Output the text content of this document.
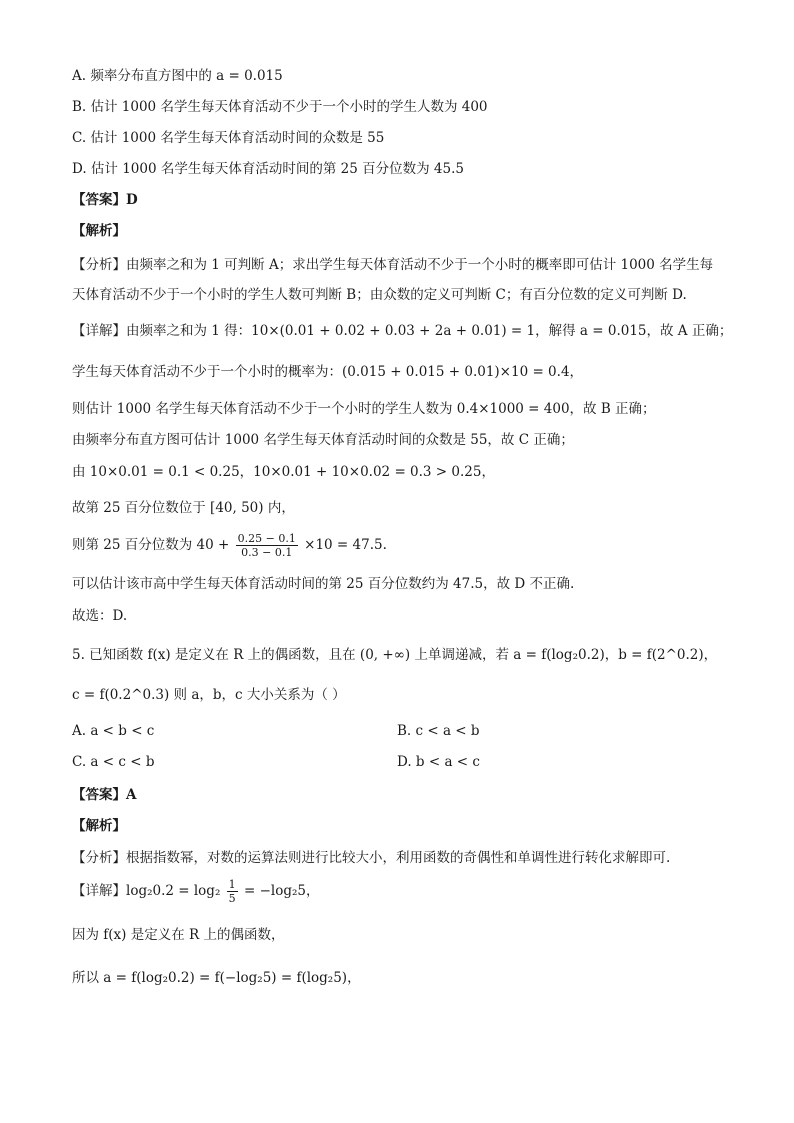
A. 频率分布直方图中的 a = 0.015
B. 估计 1000 名学生每天体育活动不少于一个小时的学生人数为 400
C. 估计 1000 名学生每天体育活动时间的众数是 55
D. 估计 1000 名学生每天体育活动时间的第 25 百分位数为 45.5
【答案】D
【解析】
【分析】由频率之和为 1 可判断 A；求出学生每天体育活动不少于一个小时的概率即可估计 1000 名学生每
天体育活动不少于一个小时的学生人数可判断 B；由众数的定义可判断 C；有百分位数的定义可判断 D.
【详解】由频率之和为 1 得：10×(0.01 + 0.02 + 0.03 + 2a + 0.01) = 1，解得 a = 0.015，故 A 正确；
学生每天体育活动不少于一个小时的概率为：(0.015 + 0.015 + 0.01)×10 = 0.4，
则估计 1000 名学生每天体育活动不少于一个小时的学生人数为 0.4×1000 = 400，故 B 正确；
由频率分布直方图可估计 1000 名学生每天体育活动时间的众数是 55，故 C 正确；
由 10×0.01 = 0.1 < 0.25，10×0.01 + 10×0.02 = 0.3 > 0.25，
故第 25 百分位数位于 [40, 50) 内，
则第 25 百分位数为 $40 + \frac{0.25 - 0.1}{0.3 - 0.1} \times 10 = 47.5$.
可以估计该市高中学生每天体育活动时间的第 25 百分位数约为 47.5，故 D 不正确.
故选：D.
5. 已知函数 f(x) 是定义在 R 上的偶函数，且在 (0, +∞) 上单调递减，若 a = f(log₂0.2)，b = f(2^0.2)，
c = f(0.2^0.3) 则 a，b，c 大小关系为（ ）
A. a < b < c	B. c < a < b
C. a < c < b	D. b < a < c
【答案】A
【解析】
【分析】根据指数幂，对数的运算法则进行比较大小，利用函数的奇偶性和单调性进行转化求解即可.
【详解】$\log_20.2 = \log_2 \frac{1}{5} = -\log_25$，
因为 f(x) 是定义在 R 上的偶函数，
所以 a = f(log₂0.2) = f(−log₂5) = f(log₂5)，
